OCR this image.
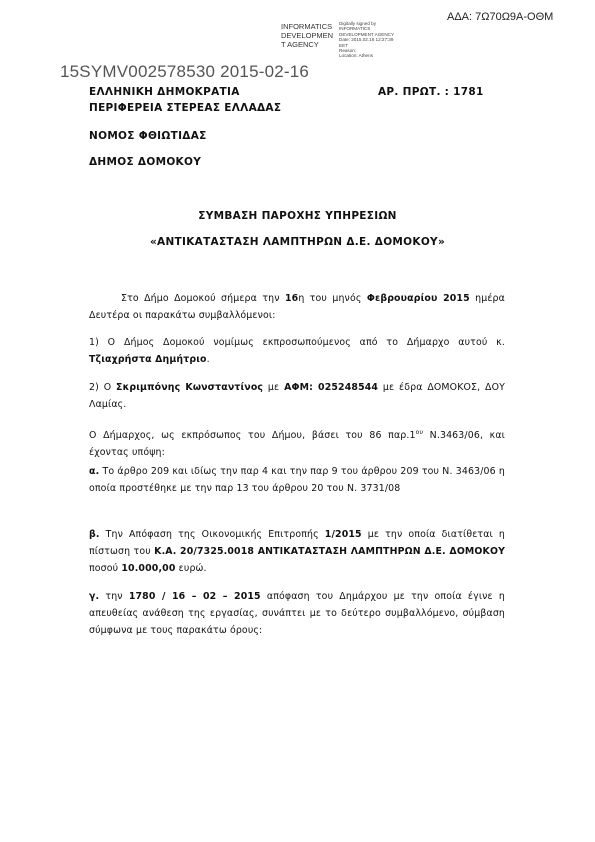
ΑΔΑ: 7Ω70Ω9Α-ΟΘΜ
INFORMATICS
DEVELOPMEN
T AGENCY
Digitally signed by
INFORMATICS
DEVELOPMENT AGENCY
Date: 2015.02.16 12:27:39
EET
Reason:
Location: Athens
15SYMV002578530 2015-02-16
ΕΛΛΗΝΙΚΗ ΔΗΜΟΚΡΑΤΙΑ	ΑΡ. ΠΡΩΤ. : 1781
ΠΕΡΙΦΕΡΕΙΑ ΣΤΕΡΕΑΣ ΕΛΛΑΔΑΣ
ΝΟΜΟΣ ΦΘΙΩΤΙΔΑΣ
ΔΗΜΟΣ ΔΟΜΟΚΟΥ
ΣΥΜΒΑΣΗ ΠΑΡΟΧΗΣ ΥΠΗΡΕΣΙΩΝ
«ΑΝΤΙΚΑΤΑΣΤΑΣΗ ΛΑΜΠΤΗΡΩΝ Δ.Ε. ΔΟΜΟΚΟΥ»
Στο Δήμο Δομοκού σήμερα την 16η του μηνός Φεβρουαρίου 2015 ημέρα Δευτέρα οι παρακάτω συμβαλλόμενοι:
1) Ο Δήμος Δομοκού νομίμως εκπροσωπούμενος από το Δήμαρχο αυτού κ. Τζιαχρήστα Δημήτριο.
2) Ο Σκριμπόνης Κωνσταντίνος με ΑΦΜ: 025248544 με έδρα ΔΟΜΟΚΟΣ, ΔΟΥ Λαμίας.
Ο Δήμαρχος, ως εκπρόσωπος του Δήμου, βάσει του 86 $\pi\alpha\rho.1^{o\upsilon}$ Ν.3463/06, και έχοντας υπόψη:
α. Το άρθρο 209 και ιδίως την παρ 4 και την παρ 9 του άρθρου 209 του Ν. 3463/06 η οποία προστέθηκε με την παρ 13 του άρθρου 20 του Ν. 3731/08
β. Την Απόφαση της Οικονομικής Επιτροπής 1/2015 με την οποία διατίθεται η πίστωση του Κ.Α. 20/7325.0018 ΑΝΤΙΚΑΤΑΣΤΑΣΗ ΛΑΜΠΤΗΡΩΝ Δ.Ε. ΔΟΜΟΚΟΥ ποσού 10.000,00 ευρώ.
γ. την 1780 / 16 – 02 – 2015 απόφαση του Δημάρχου με την οποία έγινε η απευθείας ανάθεση της εργασίας, συνάπτει με το δεύτερο συμβαλλόμενο, σύμβαση σύμφωνα με τους παρακάτω όρους:
